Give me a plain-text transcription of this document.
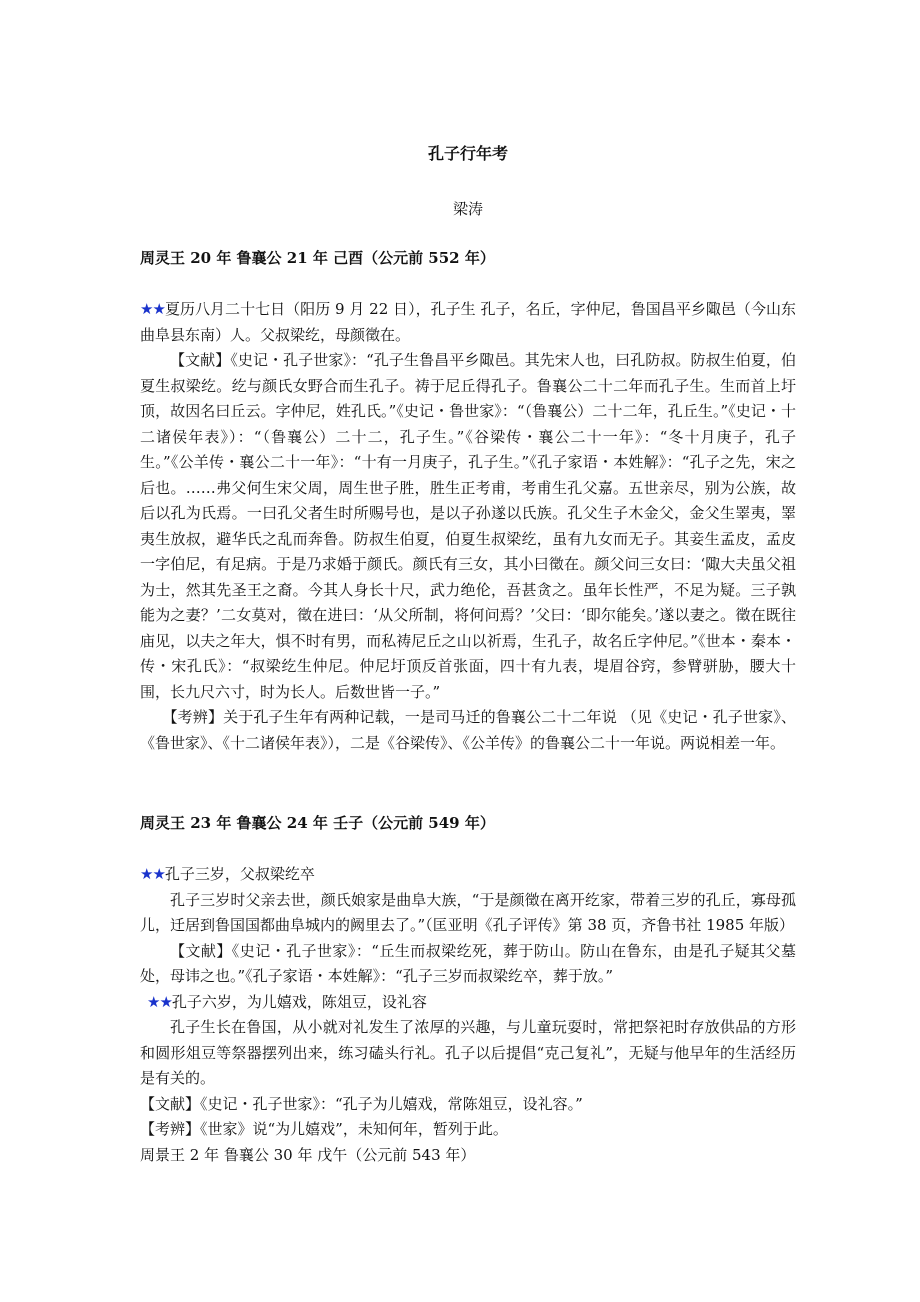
孔子行年考
梁涛
周灵王 20 年 鲁襄公 21 年 己酉（公元前 552 年）

★★夏历八月二十七日（阳历 9 月 22 日），孔子生 孔子，名丘，字仲尼，鲁国昌平乡陬邑（今山东曲阜县东南）人。父叔梁纥，母颜徵在。

【文献】《史记・孔子世家》：“孔子生鲁昌平乡陬邑。其先宋人也，曰孔防叔。防叔生伯夏，伯夏生叔梁纥。纥与颜氏女野合而生孔子。祷于尼丘得孔子。鲁襄公二十二年而孔子生。生而首上圩顶，故因名曰丘云。字仲尼，姓孔氏。”《史记・鲁世家》：“（鲁襄公）二十二年，孔丘生。”《史记・十二诸侯年表》）：“（鲁襄公）二十二，孔子生。”《谷梁传・襄公二十一年》：“冬十月庚子，孔子生。”《公羊传・襄公二十一年》：“十有一月庚子，孔子生。”《孔子家语・本姓解》：“孔子之先，宋之后也。……弗父何生宋父周，周生世子胜，胜生正考甫，考甫生孔父嘉。五世亲尽，别为公族，故后以孔为氏焉。一曰孔父者生时所赐号也，是以子孙遂以氏族。孔父生子木金父，金父生睪夷，睪夷生放叔，避华氏之乱而奔鲁。防叔生伯夏，伯夏生叔梁纥，虽有九女而无子。其妾生孟皮，孟皮一字伯尼，有足病。于是乃求婚于颜氏。颜氏有三女，其小曰徵在。颜父问三女曰：‘陬大夫虽父祖为士，然其先圣王之裔。今其人身长十尺，武力绝伦，吾甚贪之。虽年长性严，不足为疑。三子孰能为之妻？’二女莫对，徵在进曰：‘从父所制，将何问焉？’父曰：‘即尔能矣。’遂以妻之。徵在既往庙见，以夫之年大，惧不时有男，而私祷尼丘之山以祈焉，生孔子，故名丘字仲尼。”《世本・秦本・传・宋孔氏》：“叔梁纥生仲尼。仲尼圩顶反首张面，四十有九表，堤眉谷窍，参臂骈胁，腰大十围，长九尺六寸，时为长人。后数世皆一子。”

【考辨】关于孔子生年有两种记载，一是司马迁的鲁襄公二十二年说 （见《史记・孔子世家》、《鲁世家》、《十二诸侯年表》），二是《谷梁传》、《公羊传》的鲁襄公二十一年说。两说相差一年。

周灵王 23 年 鲁襄公 24 年 壬子（公元前 549 年）

★★孔子三岁，父叔梁纥卒

孔子三岁时父亲去世，颜氏娘家是曲阜大族，“于是颜徵在离开纥家，带着三岁的孔丘，寡母孤儿，迁居到鲁国国都曲阜城内的阙里去了。”（匡亚明《孔子评传》第 38 页，齐鲁书社 1985 年版）

【文献】《史记・孔子世家》：“丘生而叔梁纥死，葬于防山。防山在鲁东，由是孔子疑其父墓处，母讳之也。”《孔子家语・本姓解》：“孔子三岁而叔梁纥卒，葬于放。”

★★孔子六岁，为儿嬉戏，陈俎豆，设礼容

孔子生长在鲁国，从小就对礼发生了浓厚的兴趣，与儿童玩耍时，常把祭祀时存放供品的方形和圆形俎豆等祭器摆列出来，练习磕头行礼。孔子以后提倡“克己复礼”，无疑与他早年的生活经历是有关的。

【文献】《史记・孔子世家》：“孔子为儿嬉戏，常陈俎豆，设礼容。”

【考辨】《世家》说“为儿嬉戏”，未知何年，暂列于此。

周景王 2 年 鲁襄公 30 年 戊午（公元前 543 年）
